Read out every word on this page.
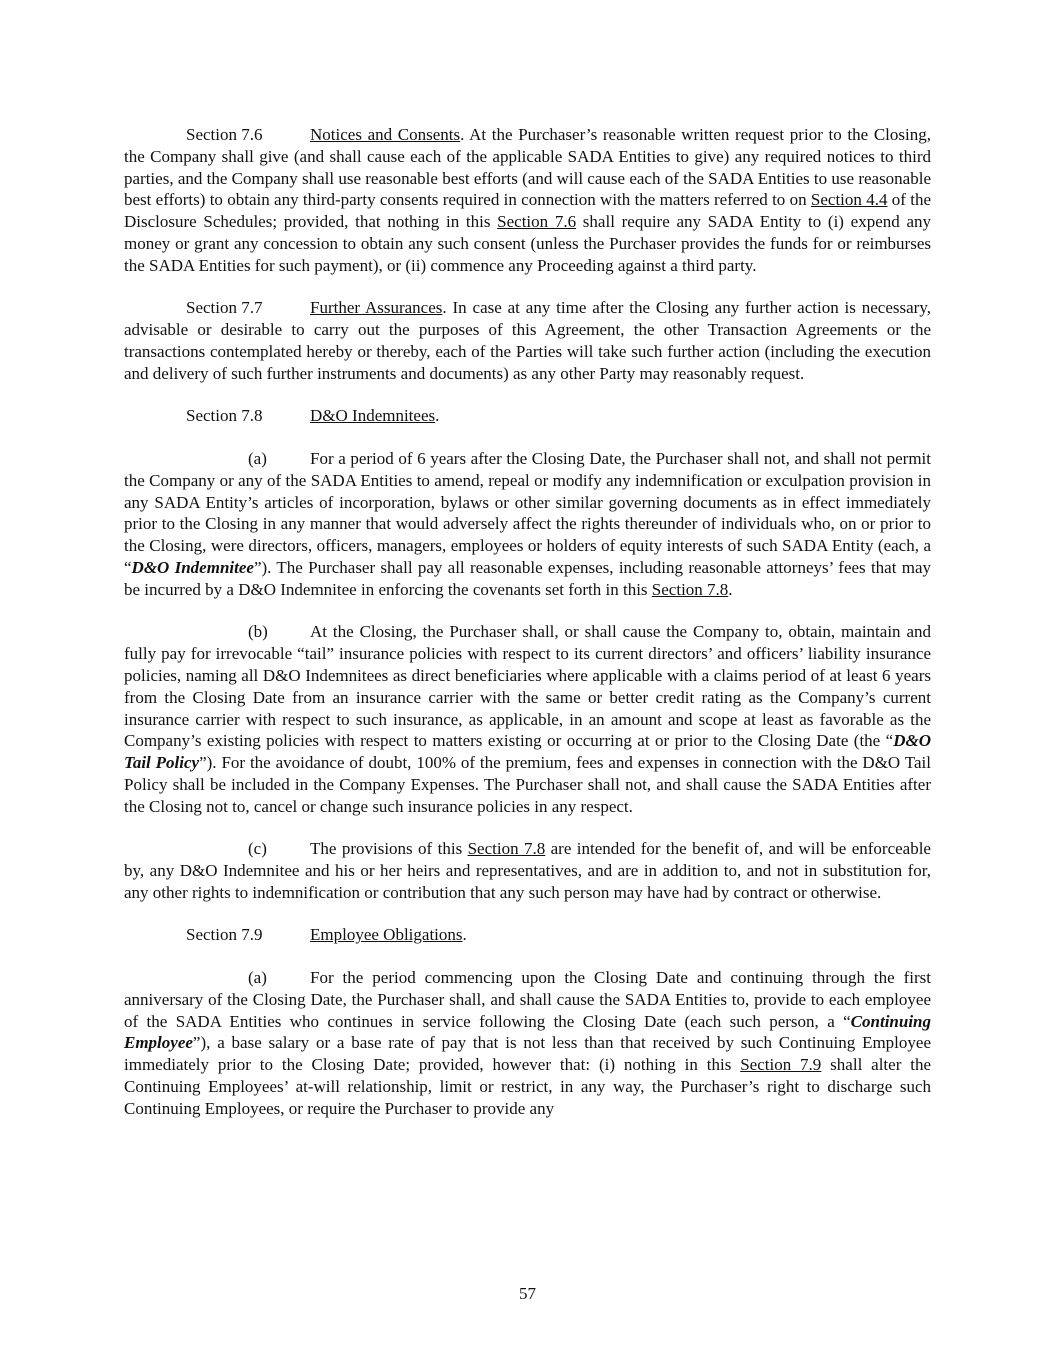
Section 7.6	Notices and Consents. At the Purchaser’s reasonable written request prior to the Closing, the Company shall give (and shall cause each of the applicable SADA Entities to give) any required notices to third parties, and the Company shall use reasonable best efforts (and will cause each of the SADA Entities to use reasonable best efforts) to obtain any third-party consents required in connection with the matters referred to on Section 4.4 of the Disclosure Schedules; provided, that nothing in this Section 7.6 shall require any SADA Entity to (i) expend any money or grant any concession to obtain any such consent (unless the Purchaser provides the funds for or reimburses the SADA Entities for such payment), or (ii) commence any Proceeding against a third party.

Section 7.7	Further Assurances. In case at any time after the Closing any further action is necessary, advisable or desirable to carry out the purposes of this Agreement, the other Transaction Agreements or the transactions contemplated hereby or thereby, each of the Parties will take such further action (including the execution and delivery of such further instruments and documents) as any other Party may reasonably request.

Section 7.8	D&O Indemnitees.

(a)	For a period of 6 years after the Closing Date, the Purchaser shall not, and shall not permit the Company or any of the SADA Entities to amend, repeal or modify any indemnification or exculpation provision in any SADA Entity’s articles of incorporation, bylaws or other similar governing documents as in effect immediately prior to the Closing in any manner that would adversely affect the rights thereunder of individuals who, on or prior to the Closing, were directors, officers, managers, employees or holders of equity interests of such SADA Entity (each, a “D&O Indemnitee”). The Purchaser shall pay all reasonable expenses, including reasonable attorneys’ fees that may be incurred by a D&O Indemnitee in enforcing the covenants set forth in this Section 7.8.

(b) At the Closing, the Purchaser shall, or shall cause the Company to, obtain, maintain and fully pay for irrevocable “tail” insurance policies with respect to its current directors’ and officers’ liability insurance policies, naming all D&O Indemnitees as direct beneficiaries where applicable with a claims period of at least 6 years from the Closing Date from an insurance carrier with the same or better credit rating as the Company’s current insurance carrier with respect to such insurance, as applicable, in an amount and scope at least as favorable as the Company’s existing policies with respect to matters existing or occurring at or prior to the Closing Date (the “D&O Tail Policy”). For the avoidance of doubt, 100% of the premium, fees and expenses in connection with the D&O Tail Policy shall be included in the Company Expenses. The Purchaser shall not, and shall cause the SADA Entities after the Closing not to, cancel or change such insurance policies in any respect.

(c)	The provisions of this Section 7.8 are intended for the benefit of, and will be enforceable by, any D&O Indemnitee and his or her heirs and representatives, and are in addition to, and not in substitution for, any other rights to indemnification or contribution that any such person may have had by contract or otherwise.

Section 7.9	Employee Obligations.

(a)	For the period commencing upon the Closing Date and continuing through the first anniversary of the Closing Date, the Purchaser shall, and shall cause the SADA Entities to, provide to each employee of the SADA Entities who continues in service following the Closing Date (each such person, a “Continuing Employee”), a base salary or a base rate of pay that is not less than that received by such Continuing Employee immediately prior to the Closing Date; provided, however that: (i) nothing in this Section 7.9 shall alter the Continuing Employees’ at-will relationship, limit or restrict, in any way, the Purchaser’s right to discharge such Continuing Employees, or require the Purchaser to provide any

57
